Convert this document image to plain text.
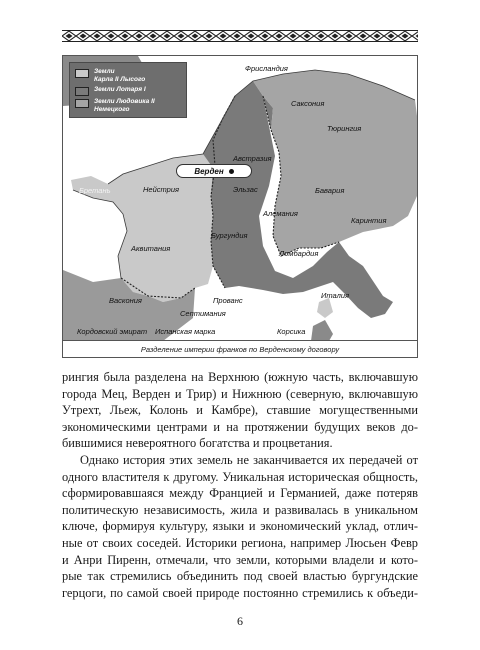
Земли
Карла II Лысого
Земли Лотаря I
Земли Людовика II
Немецкого
Фрисландия
Саксония
Тюрингия
Австразия
Эльзас	Бавария
Бретань	Нейстрия
Алемания
Каринтия
Бургундия
Аквитания
Ломбардия
Васкония	Прованс
Септимания
Италия
Корсика
Кордовский эмират Испанская марка
Верден
Разделение империи франков по Верденскому договору

рингия была разделена на Верхнюю (южную часть, включавшую
города Мец, Верден и Трир) и Нижнюю (северную, включавшую
Утрехт, Льеж, Колонь и Камбре), ставшие могущественными
экономическими центрами и на протяжении будущих веков до-
бившимися невероятного богатства и процветания.

Однако история этих земель не заканчивается их передачей от
одного властителя к другому. Уникальная историческая общность,
сформировавшаяся между Францией и Германией, даже потеряв
политическую независимость, жила и развивалась в уникальном
ключе, формируя культуру, языки и экономический уклад, отлич-
ные от своих соседей. Историки региона, например Люсьен Февр
и Анри Пиренн, отмечали, что земли, которыми владели и кото-
рые так стремились объединить под своей властью бургундские
герцоги, по самой своей природе постоянно стремились к объеди-

6
